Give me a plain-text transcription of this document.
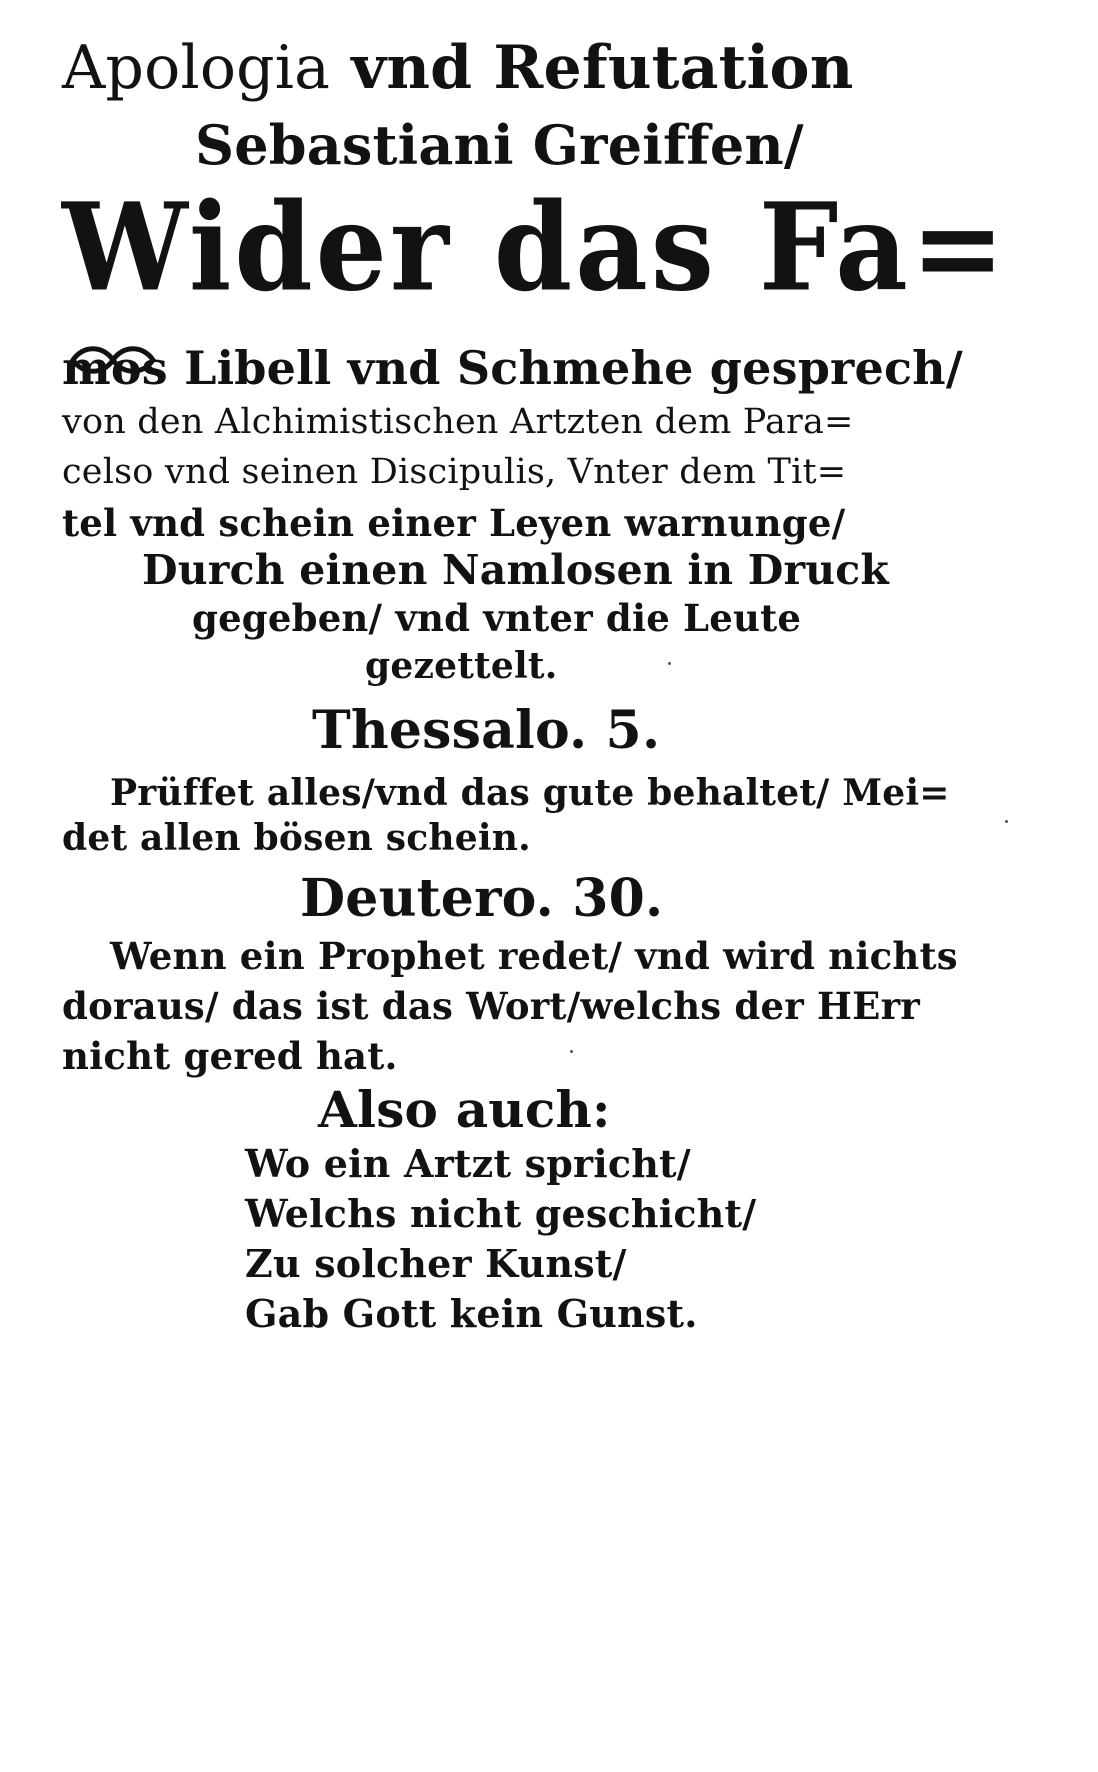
Apologia vnd Refutation
Sebastiani Greiffen/
Wider das Fa=
mos Libell vnd Schmehe gesprech/
von den Alchimistischen Artzten dem Para=
celso vnd seinen Discipulis, Vnter dem Tit=
tel vnd schein einer Leyen warnunge/
Durch einen Namlosen in Druck
gegeben/ vnd vnter die Leute
gezettelt.
Thessalo. 5.
Prüffet alles/vnd das gute behaltet/ Mei=
det allen bösen schein.
Deutero. 30.
Wenn ein Prophet redet/ vnd wird nichts
doraus/ das ist das Wort/welchs der HErr
nicht gered hat.
Also auch:
Wo ein Artzt spricht/
Welchs nicht geschicht/
Zu solcher Kunst/
Gab Gott kein Gunst.
